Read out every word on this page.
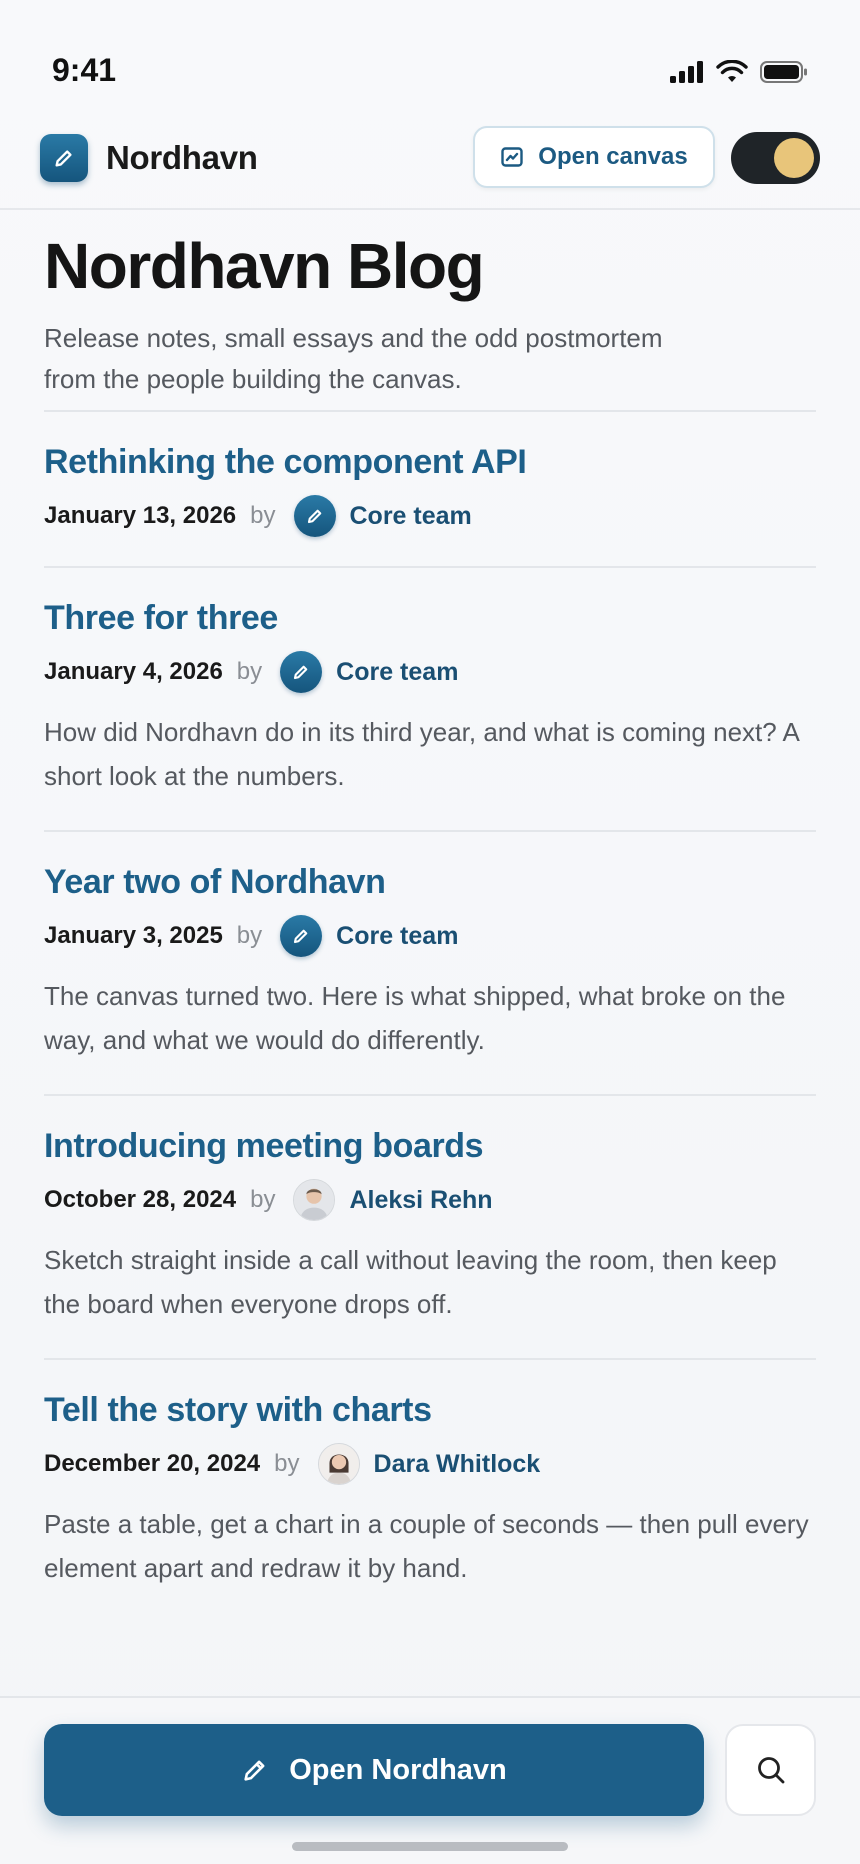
9:41
Nordhavn	Open canvas
Nordhavn Blog

Release notes, small essays and the odd postmortem from the people building the canvas.

Rethinking the component API
January 13, 2026 by	Core team
Three for three
January 4, 2026 by	Core team

How did Nordhavn do in its third year, and what is coming next? A short look at the numbers.

Year two of Nordhavn
January 3, 2025 by	Core team

The canvas turned two. Here is what shipped, what broke on the way, and what we would do differently.

Introducing meeting boards
October 28, 2024 by	Aleksi Rehn

Sketch straight inside a call without leaving the room, then keep the board when everyone drops off.

Tell the story with charts
December 20, 2024 by	Dara Whitlock

Paste a table, get a chart in a couple of seconds — then pull every element apart and redraw it by hand.

Open Nordhavn
